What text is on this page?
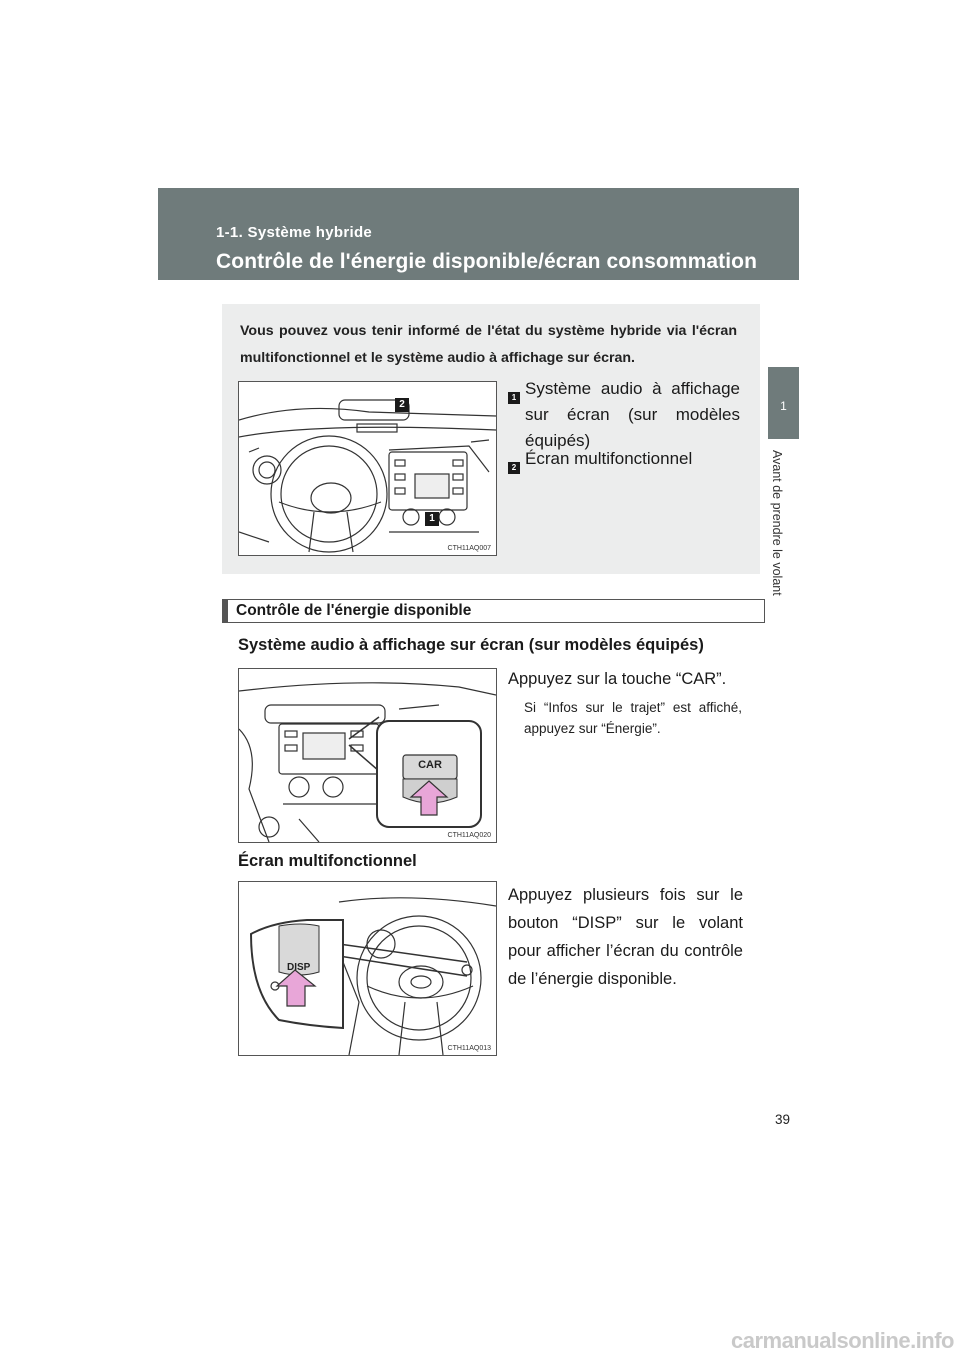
1-1. Système hybride
Contrôle de l'énergie disponible/écran consommation
1
Avant de prendre le volant
Vous pouvez vous tenir informé de l'état du système hybride via l'écran multifonctionnel et le système audio à affichage sur écran.
2
1
CTH11AQ007
1 Système audio à affichage sur écran (sur modèles équipés)
2 Écran multifonctionnel
Contrôle de l'énergie disponible
Système audio à affichage sur écran (sur modèles équipés)
CAR
CTH11AQ020
Appuyez sur la touche “CAR”.
Si “Infos sur le trajet” est affiché, appuyez sur “Énergie”.
Écran multifonctionnel
DISP
CTH11AQ013
Appuyez plusieurs fois sur le bouton “DISP” sur le volant pour afficher l’écran du contrôle de l’énergie disponible.
39
carmanualsonline.info
